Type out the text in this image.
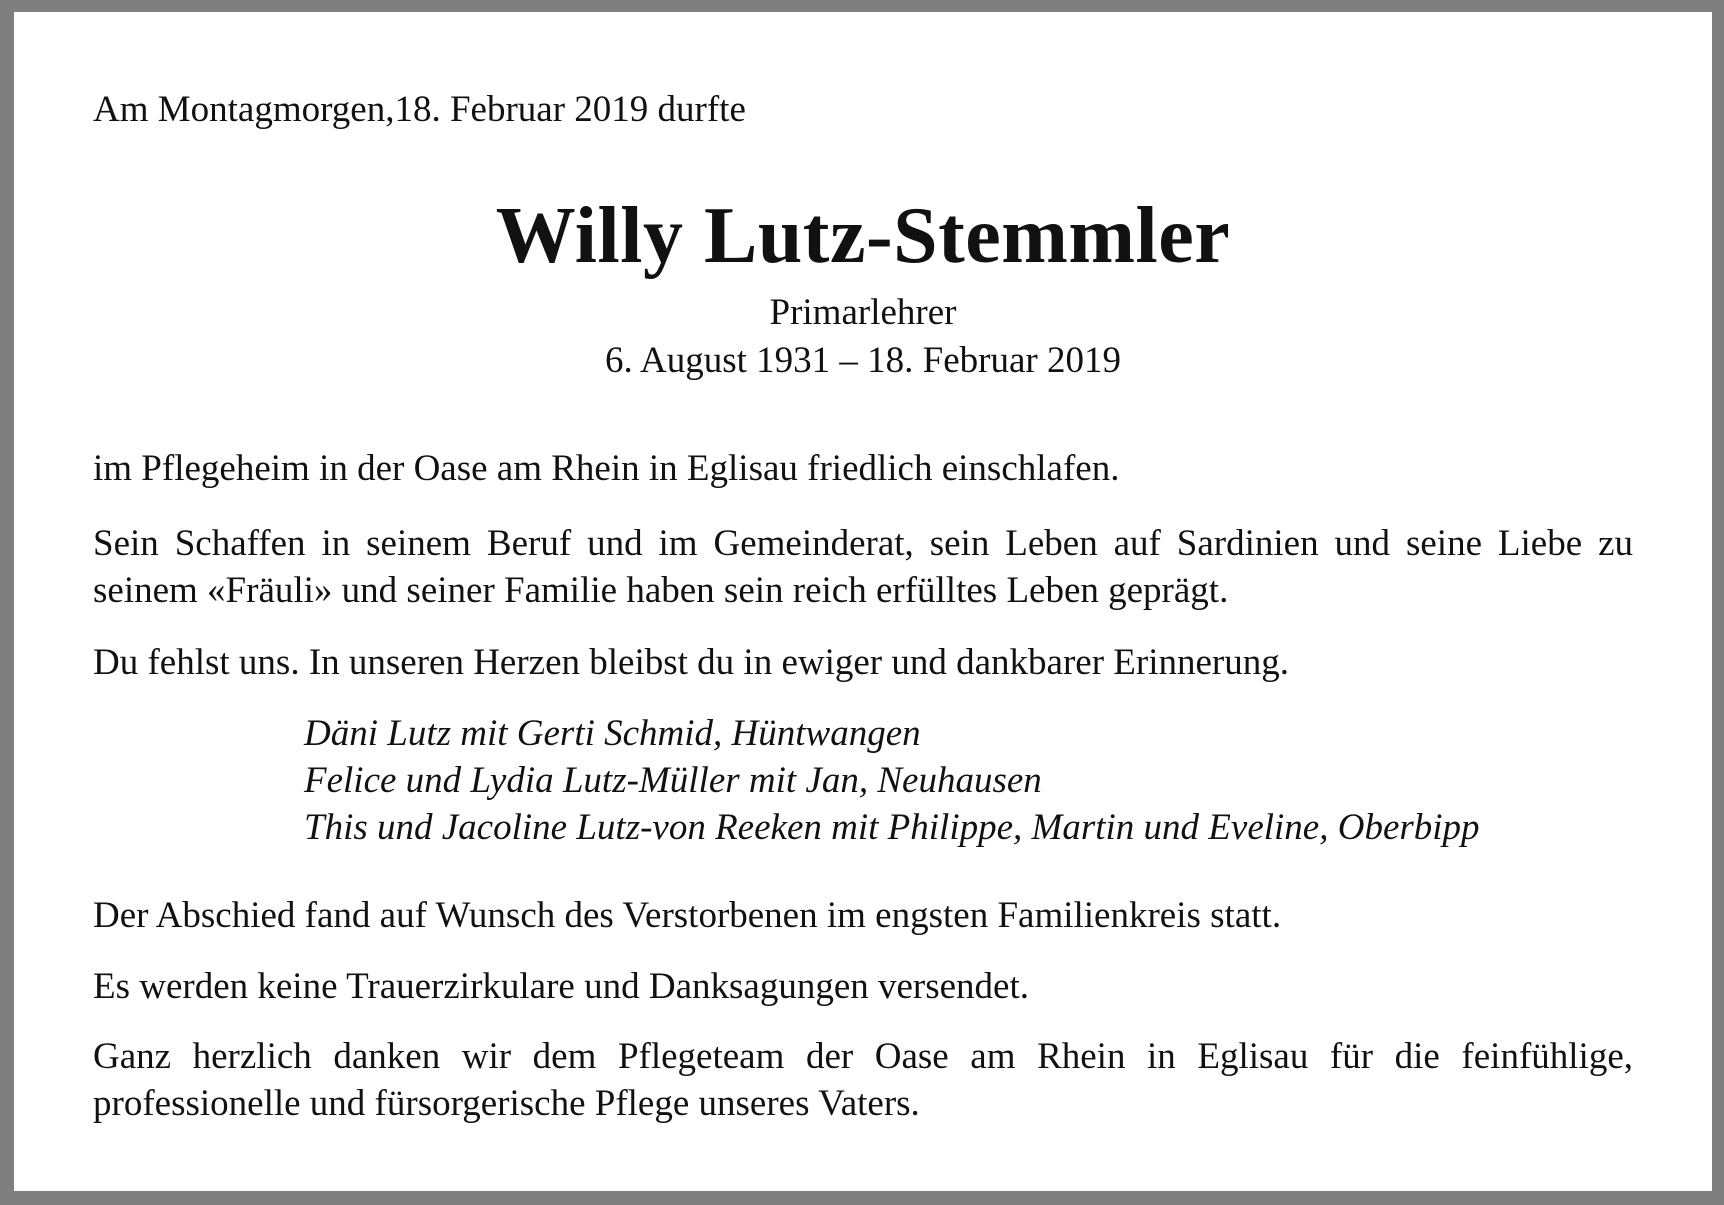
Am Montagmorgen,18. Februar 2019 durfte
Willy Lutz-Stemmler
Primarlehrer
6. August 1931 – 18. Februar 2019
im Pflegeheim in der Oase am Rhein in Eglisau friedlich einschlafen.
Sein Schaffen in seinem Beruf und im Gemeinderat, sein Leben auf Sardinien und seine Liebe zu seinem «Fräuli» und seiner Familie haben sein reich erfülltes Leben geprägt.
Du fehlst uns. In unseren Herzen bleibst du in ewiger und dankbarer Erinnerung.
Däni Lutz mit Gerti Schmid, Hüntwangen
Felice und Lydia Lutz-Müller mit Jan, Neuhausen
This und Jacoline Lutz-von Reeken mit Philippe, Martin und Eveline, Oberbipp
Der Abschied fand auf Wunsch des Verstorbenen im engsten Familienkreis statt.
Es werden keine Trauerzirkulare und Danksagungen versendet.
Ganz herzlich danken wir dem Pflegeteam der Oase am Rhein in Eglisau für die feinfühlige, professionelle und fürsorgerische Pflege unseres Vaters.
